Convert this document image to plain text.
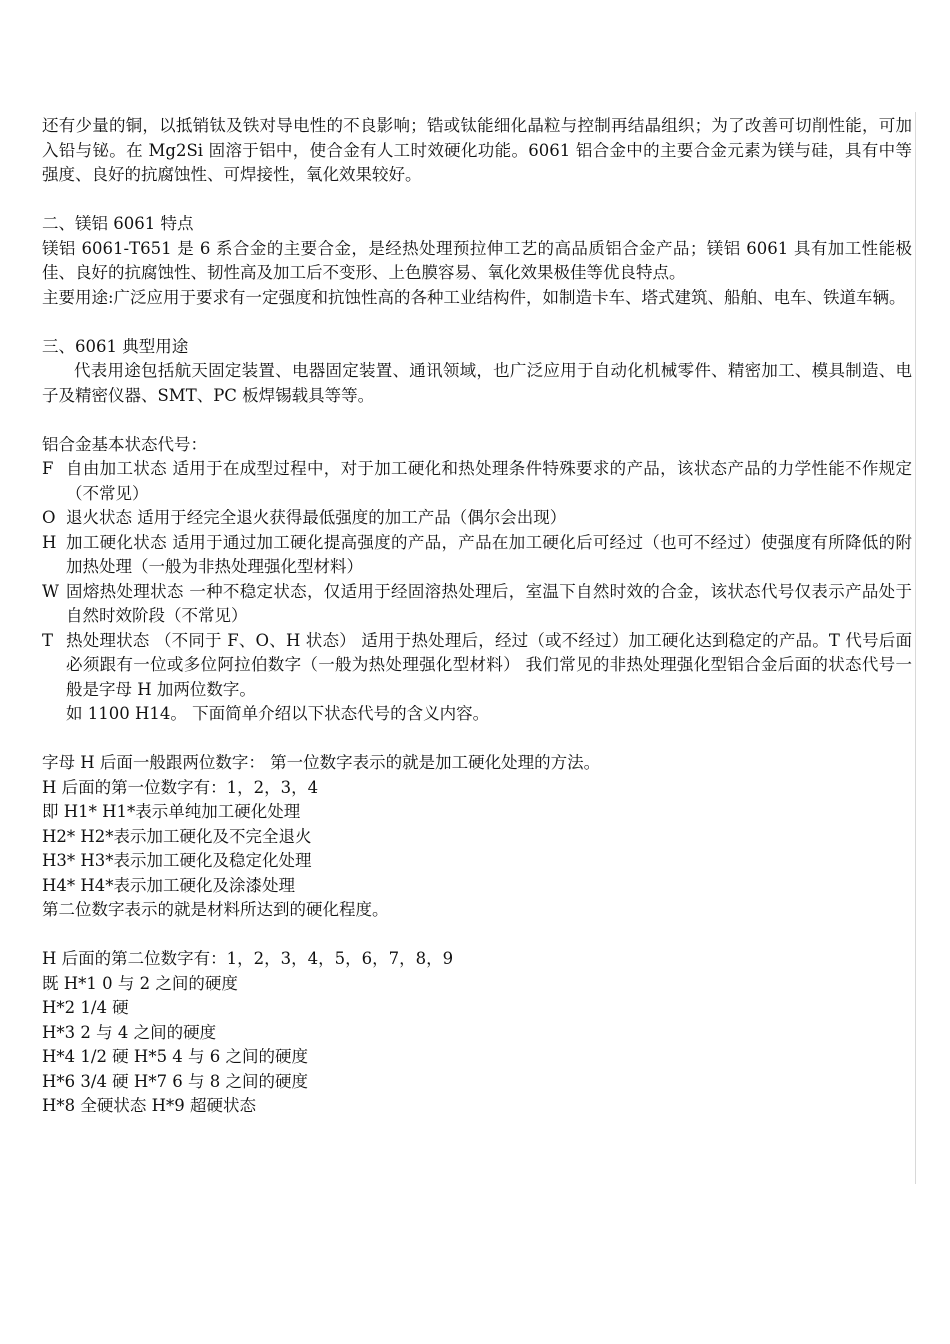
还有少量的铜，以抵销钛及铁对导电性的不良影响；锆或钛能细化晶粒与控制再结晶组织；为了改善可切削性能，可加入铅与铋。在 Mg2Si 固溶于铝中，使合金有人工时效硬化功能。6061 铝合金中的主要合金元素为镁与硅，具有中等强度、良好的抗腐蚀性、可焊接性，氧化效果较好。

二、镁铝 6061 特点

镁铝 6061-T651 是 6 系合金的主要合金，是经热处理预拉伸工艺的高品质铝合金产品；镁铝 6061 具有加工性能极佳、良好的抗腐蚀性、韧性高及加工后不变形、上色膜容易、氧化效果极佳等优良特点。

主要用途:广泛应用于要求有一定强度和抗蚀性高的各种工业结构件，如制造卡车、塔式建筑、船舶、电车、铁道车辆。

三、6061 典型用途

代表用途包括航天固定装置、电器固定装置、通讯领域，也广泛应用于自动化机械零件、精密加工、模具制造、电子及精密仪器、SMT、PC 板焊锡载具等等。

铝合金基本状态代号：

F 自由加工状态 适用于在成型过程中，对于加工硬化和热处理条件特殊要求的产品，该状态产品的力学性能不作规定（不常见）
O 退火状态 适用于经完全退火获得最低强度的加工产品（偶尔会出现）
H 加工硬化状态 适用于通过加工硬化提高强度的产品，产品在加工硬化后可经过（也可不经过）使强度有所降低的附加热处理（一般为非热处理强化型材料）
W 固熔热处理状态 一种不稳定状态，仅适用于经固溶热处理后，室温下自然时效的合金，该状态代号仅表示产品处于自然时效阶段（不常见）
T 热处理状态 （不同于 F、O、H 状态） 适用于热处理后，经过（或不经过）加工硬化达到稳定的产品。T 代号后面必须跟有一位或多位阿拉伯数字（一般为热处理强化型材料） 我们常见的非热处理强化型铝合金后面的状态代号一般是字母 H 加两位数字。

如 1100 H14。 下面简单介绍以下状态代号的含义内容。

字母 H 后面一般跟两位数字： 第一位数字表示的就是加工硬化处理的方法。

H 后面的第一位数字有：1，2，3，4

即 H1* H1*表示单纯加工硬化处理

H2* H2*表示加工硬化及不完全退火

H3* H3*表示加工硬化及稳定化处理

H4* H4*表示加工硬化及涂漆处理

第二位数字表示的就是材料所达到的硬化程度。

H 后面的第二位数字有：1，2，3，4，5，6，7，8，9

既 H*1 0 与 2 之间的硬度

H*2 1/4 硬

H*3 2 与 4 之间的硬度

H*4 1/2 硬 H*5 4 与 6 之间的硬度

H*6 3/4 硬 H*7 6 与 8 之间的硬度

H*8 全硬状态 H*9 超硬状态
